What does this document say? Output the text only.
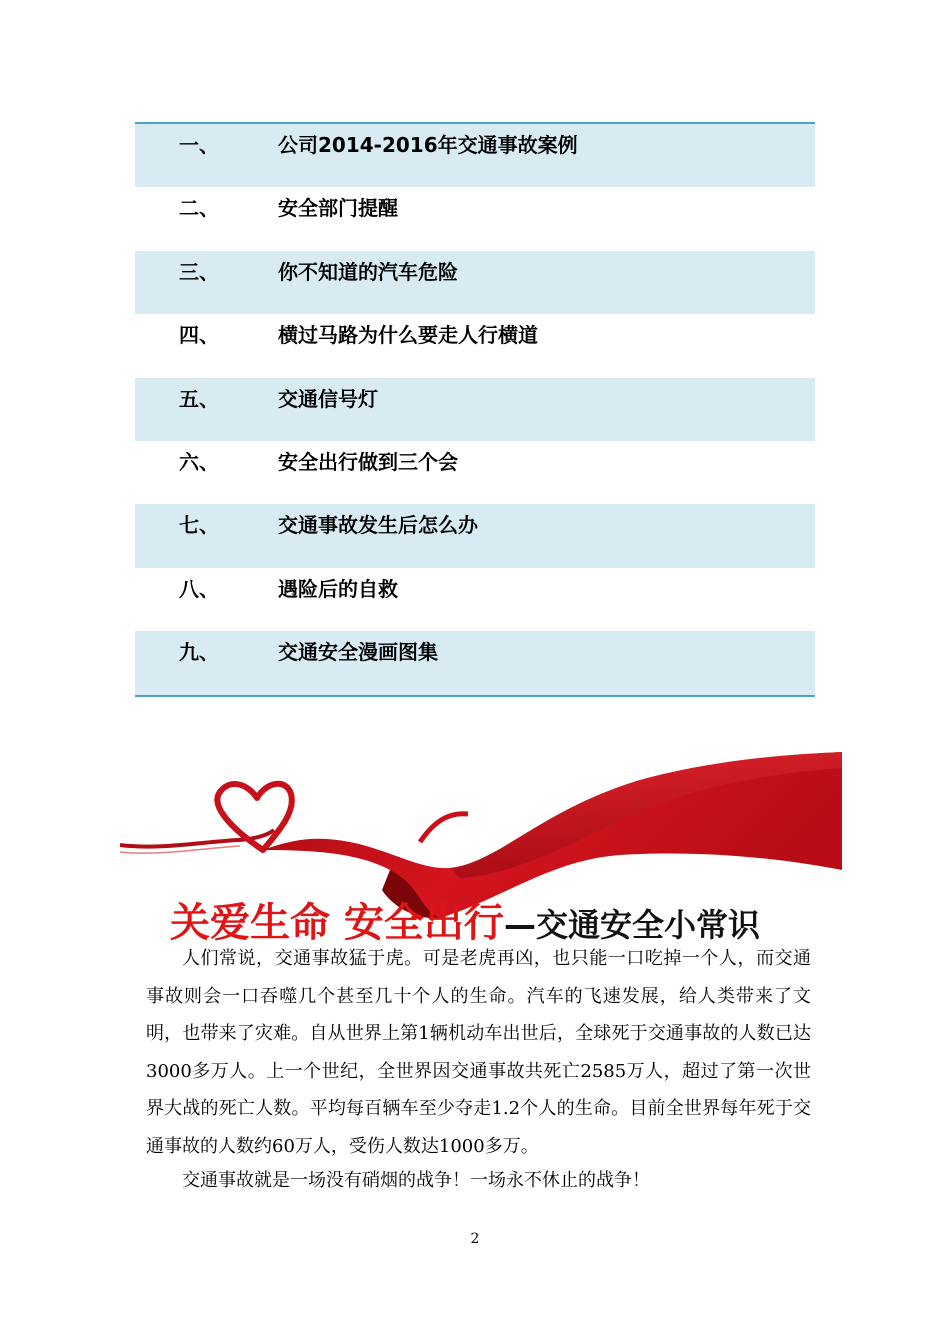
一、	公司2014-2016年交通事故案例
二、	安全部门提醒
三、	你不知道的汽车危险
四、	横过马路为什么要走人行横道
五、	交通信号灯
六、	安全出行做到三个会
七、	交通事故发生后怎么办
八、	遇险后的自救
九、	交通安全漫画图集
关爱生命 安全出行—交通安全小常识

人们常说，交通事故猛于虎。可是老虎再凶，也只能一口吃掉一个人，而交通事故则会一口吞噬几个甚至几十个人的生命。汽车的飞速发展，给人类带来了文明，也带来了灾难。自从世界上第1辆机动车出世后，全球死于交通事故的人数已达3000多万人。上一个世纪，全世界因交通事故共死亡2585万人，超过了第一次世界大战的死亡人数。平均每百辆车至少夺走1.2个人的生命。目前全世界每年死于交通事故的人数约60万人，受伤人数达1000多万。

交通事故就是一场没有硝烟的战争！一场永不休止的战争！

2
